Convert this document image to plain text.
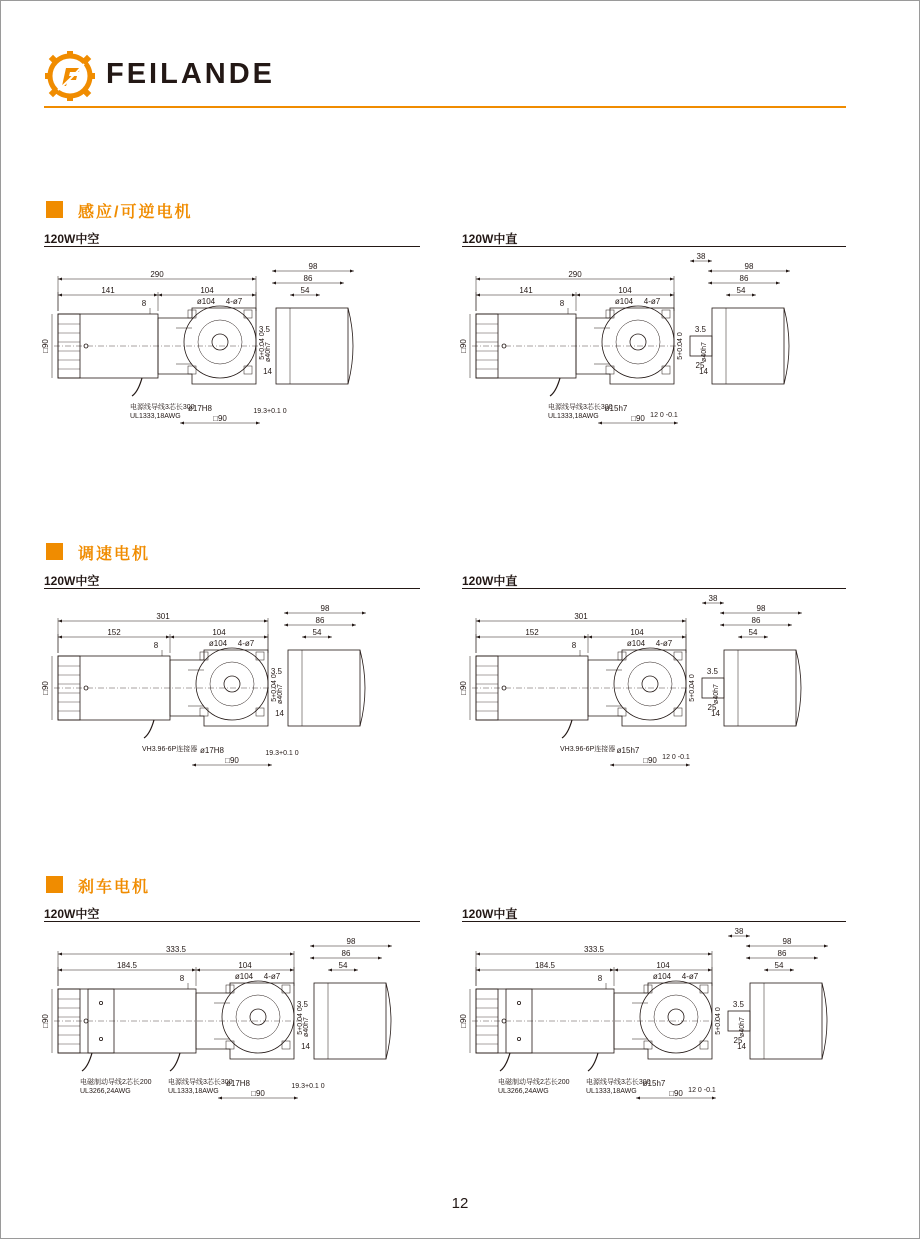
FEILANDE
感应/可逆电机
120W中空
290
141	104
8	ø104 4-ø7
□90
□90
ø17H8	19.3+0.1 0
5+0.04 0
电源线导线3芯长300
UL1333,18AWG
98
86
54
3.5
ø40h7
14
120W中直
290
141	104
8	ø104 4-ø7
□90
□90
ø15h7
12 0 -0.1
5+0.04 0
电源线导线3芯长300
UL1333,18AWG
98
86
54
3.5
ø40h7
14
38
25
调速电机
120W中空
301
152	104
8	ø104 4-ø7
□90
□90
ø17H8	19.3+0.1 0
5+0.04 0
VH3.96-6P连接器
98
86
54
3.5
ø40h7
14
120W中直
301
152	104
8	ø104 4-ø7
□90
□90
ø15h7
12 0 -0.1
5+0.04 0
VH3.96-6P连接器
98
86
54
3.5
ø40h7
14
38
25
刹车电机
120W中空
333.5
184.5	104
8	ø104 4-ø7
□90
□90
ø17H8	19.3+0.1 0
5+0.04 0
电磁制动导线2芯长200
UL3266,24AWG
电源线导线3芯长300
UL1333,18AWG
98
86
54
3.5
ø40h7
14
120W中直
333.5
184.5	104
8	ø104 4-ø7
□90
□90
ø15h7
12 0 -0.1
5+0.04 0
电磁制动导线2芯长200
UL3266,24AWG
电源线导线3芯长300
UL1333,18AWG
98
86
54
3.5
ø40h7
14
38
25
12
